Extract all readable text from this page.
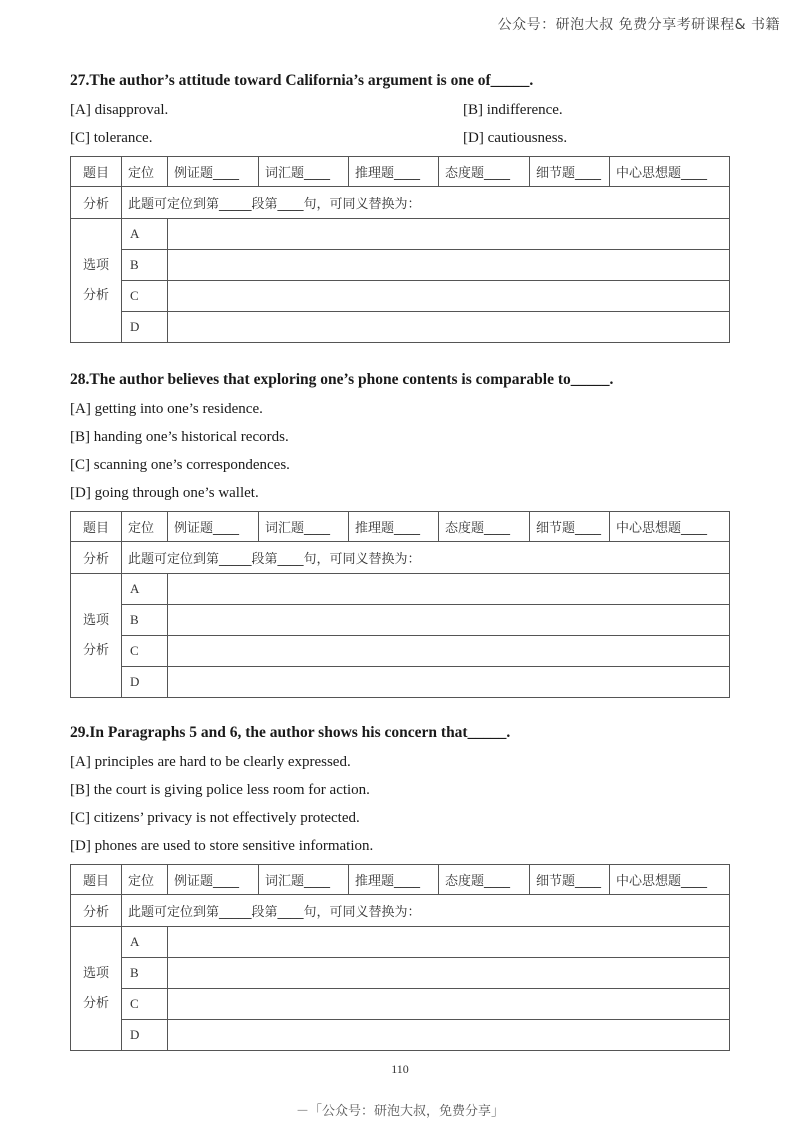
公众号：研泡大叔 免费分享考研课程& 书籍
27.The author’s attitude toward California’s argument is one of_____.
[A] disapproval.	[B] indifference.
[C] tolerance.	[D] cautiousness.
题目	定位	例证题____	词汇题____	推理题____	态度题____	细节题____	中心思想题____
分析	此题可定位到第_____段第____句，可同义替换为：						

选项
分析	A						
	B						
	C						
	D						
28.The author believes that exploring one’s phone contents is comparable to_____.
[A] getting into one’s residence.
[B] handing one’s historical records.
[C] scanning one’s correspondences.
[D] going through one’s wallet.
题目	定位	例证题____	词汇题____	推理题____	态度题____	细节题____	中心思想题____
分析	此题可定位到第_____段第____句，可同义替换为：						

选项
分析	A						
	B						
	C						
	D						
29.In Paragraphs 5 and 6, the author shows his concern that_____.
[A] principles are hard to be clearly expressed.
[B] the court is giving police less room for action.
[C] citizens’ privacy is not effectively protected.
[D] phones are used to store sensitive information.
题目	定位	例证题____	词汇题____	推理题____	态度题____	细节题____	中心思想题____
分析	此题可定位到第_____段第____句，可同义替换为：						

选项
分析	A						
	B						
	C						
	D						
110
－「公众号：研泡大叔，免费分享」
